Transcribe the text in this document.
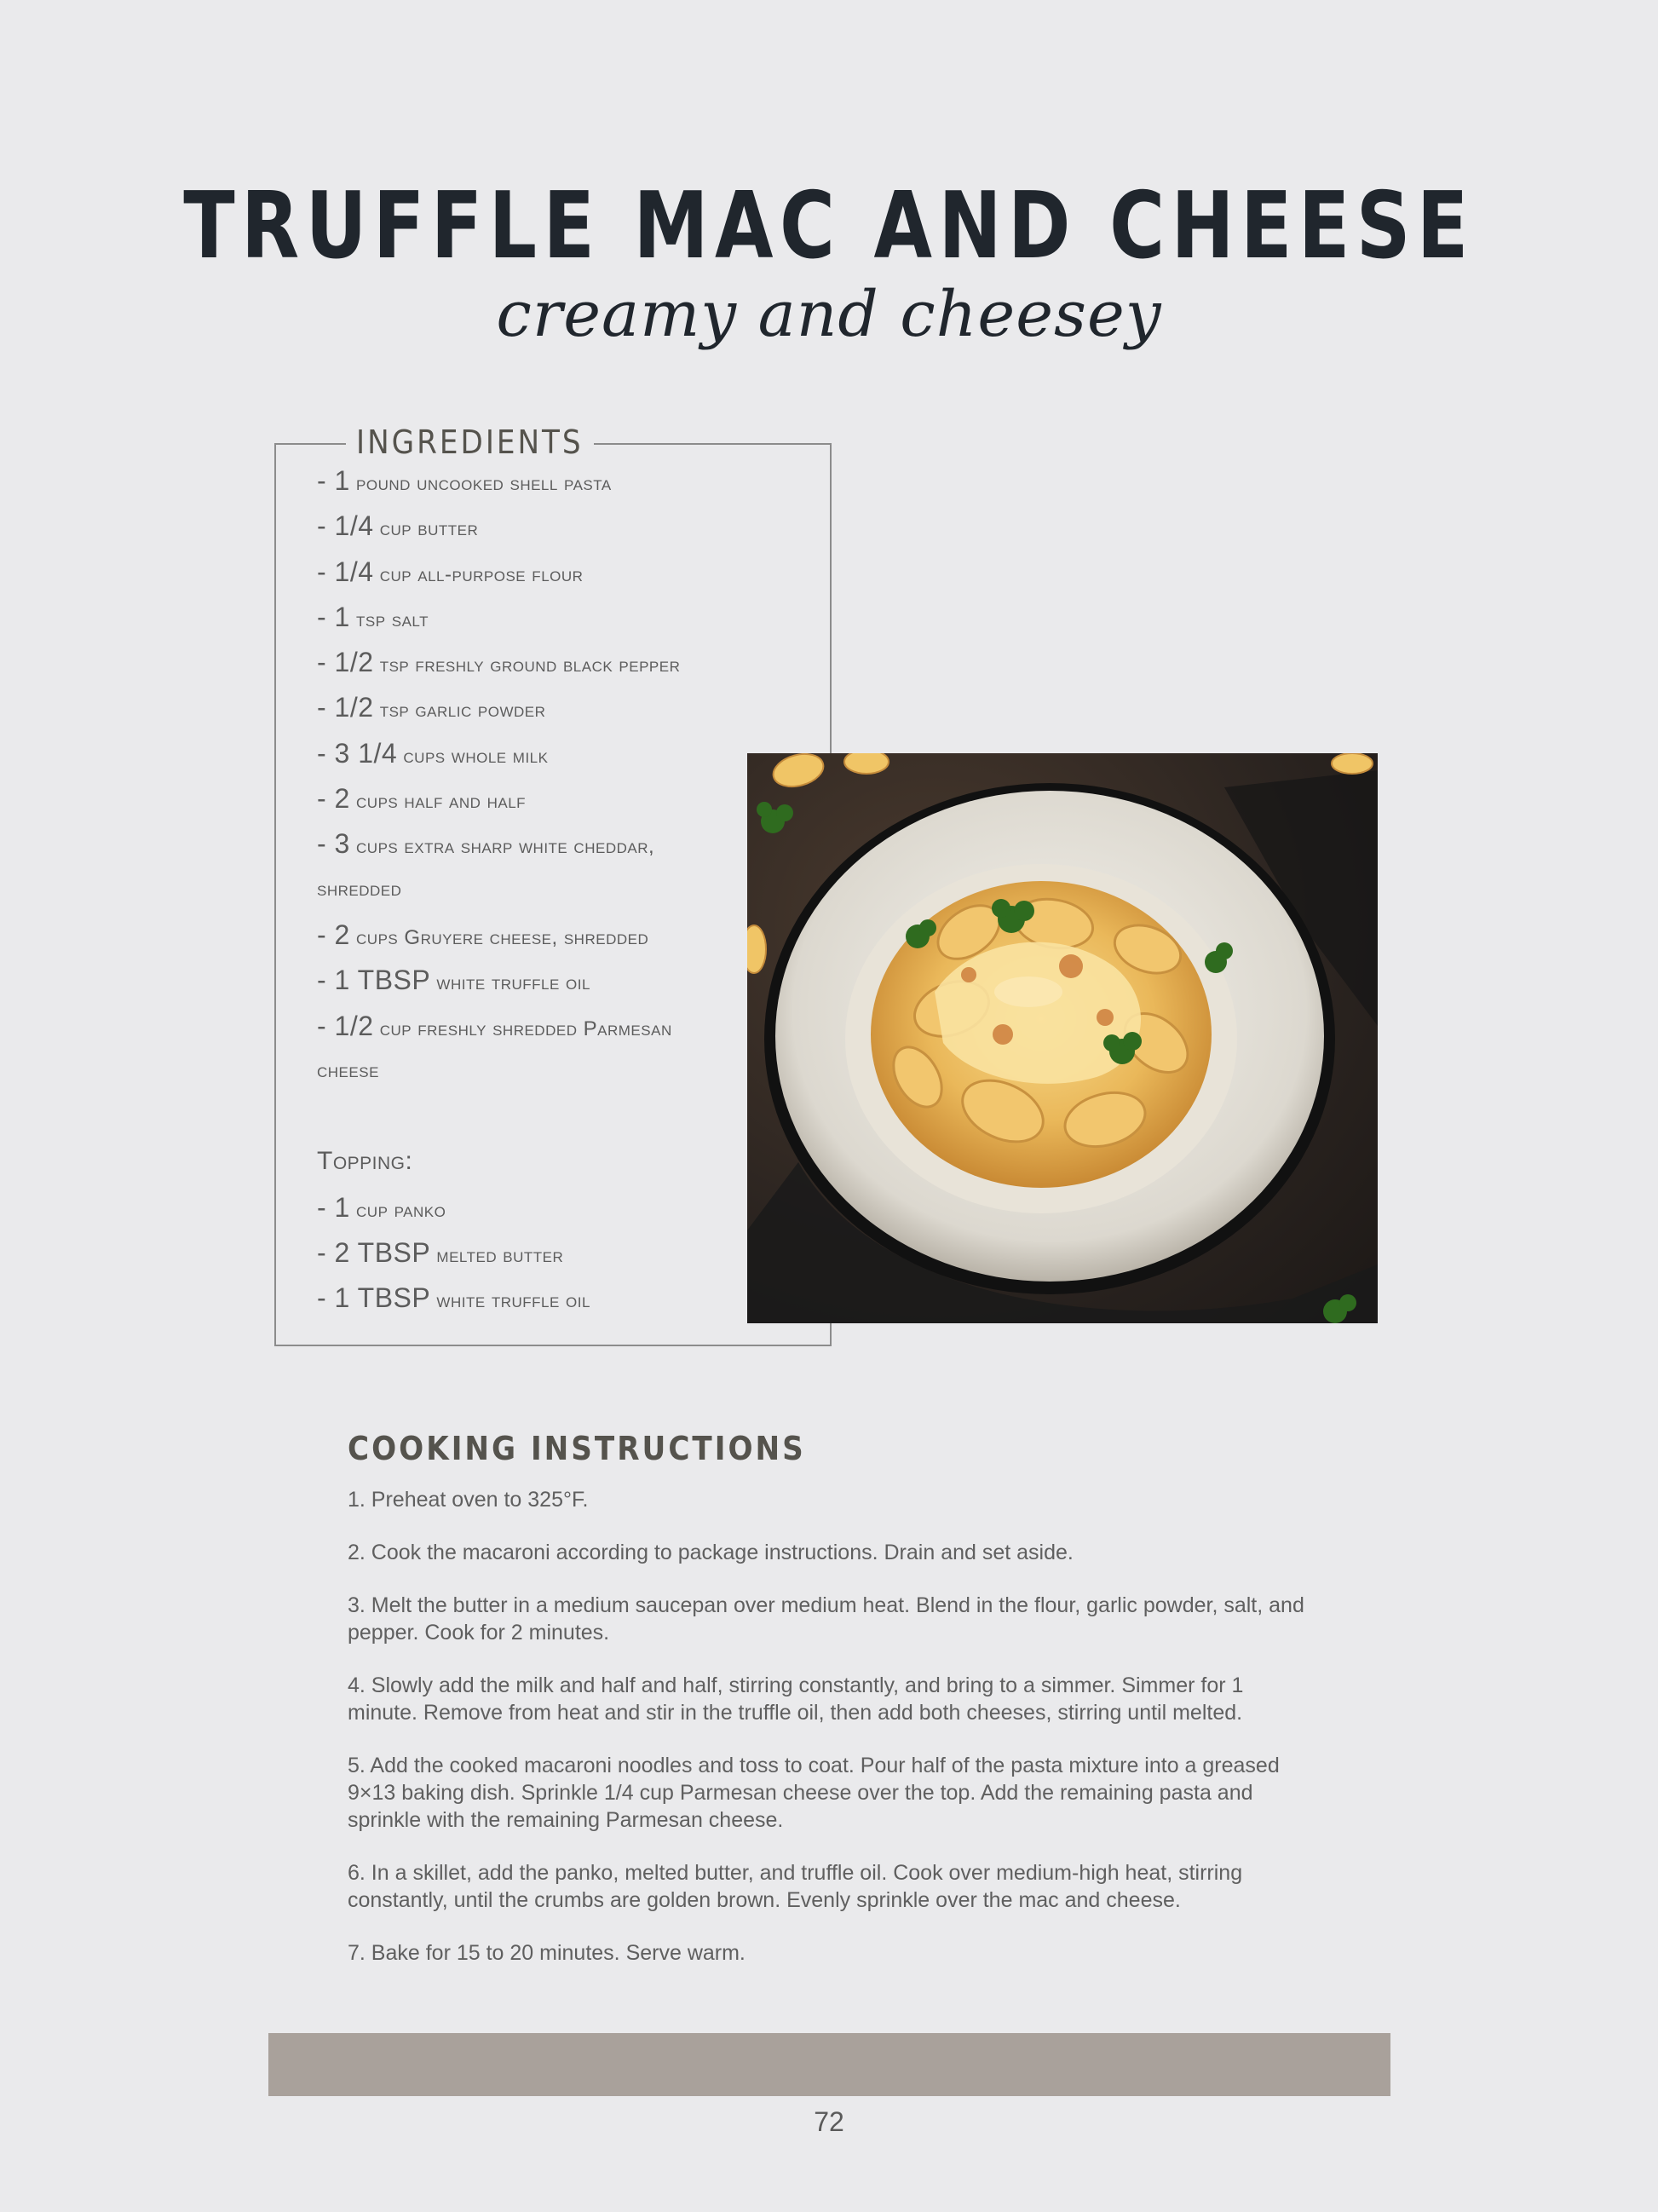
TRUFFLE MAC AND CHEESE
creamy and cheesey
INGREDIENTS
- 1 pound uncooked shell pasta
- 1/4 cup butter
- 1/4 cup all-purpose flour
- 1 tsp salt
- 1/2 tsp freshly ground black pepper
- 1/2 tsp garlic powder
- 3 1/4 cups whole milk
- 2 cups half and half
- 3 cups extra sharp white cheddar,
shredded
- 2 cups Gruyere cheese, shredded
- 1 TBSP white truffle oil
- 1/2 cup freshly shredded Parmesan
cheese
Topping:
- 1 cup panko
- 2 TBSP melted butter
- 1 TBSP white truffle oil
COOKING INSTRUCTIONS

1. Preheat oven to 325°F.

2. Cook the macaroni according to package instructions. Drain and set aside.

3. Melt the butter in a medium saucepan over medium heat. Blend in the flour, garlic powder, salt, and pepper. Cook for 2 minutes.

4. Slowly add the milk and half and half, stirring constantly, and bring to a simmer. Simmer for 1 minute. Remove from heat and stir in the truffle oil, then add both cheeses, stirring until melted.

5. Add the cooked macaroni noodles and toss to coat. Pour half of the pasta mixture into a greased 9×13 baking dish. Sprinkle 1/4 cup Parmesan cheese over the top. Add the remaining pasta and sprinkle with the remaining Parmesan cheese.

6. In a skillet, add the panko, melted butter, and truffle oil. Cook over medium-high heat, stirring constantly, until the crumbs are golden brown. Evenly sprinkle over the mac and cheese.

7. Bake for 15 to 20 minutes. Serve warm.

72
